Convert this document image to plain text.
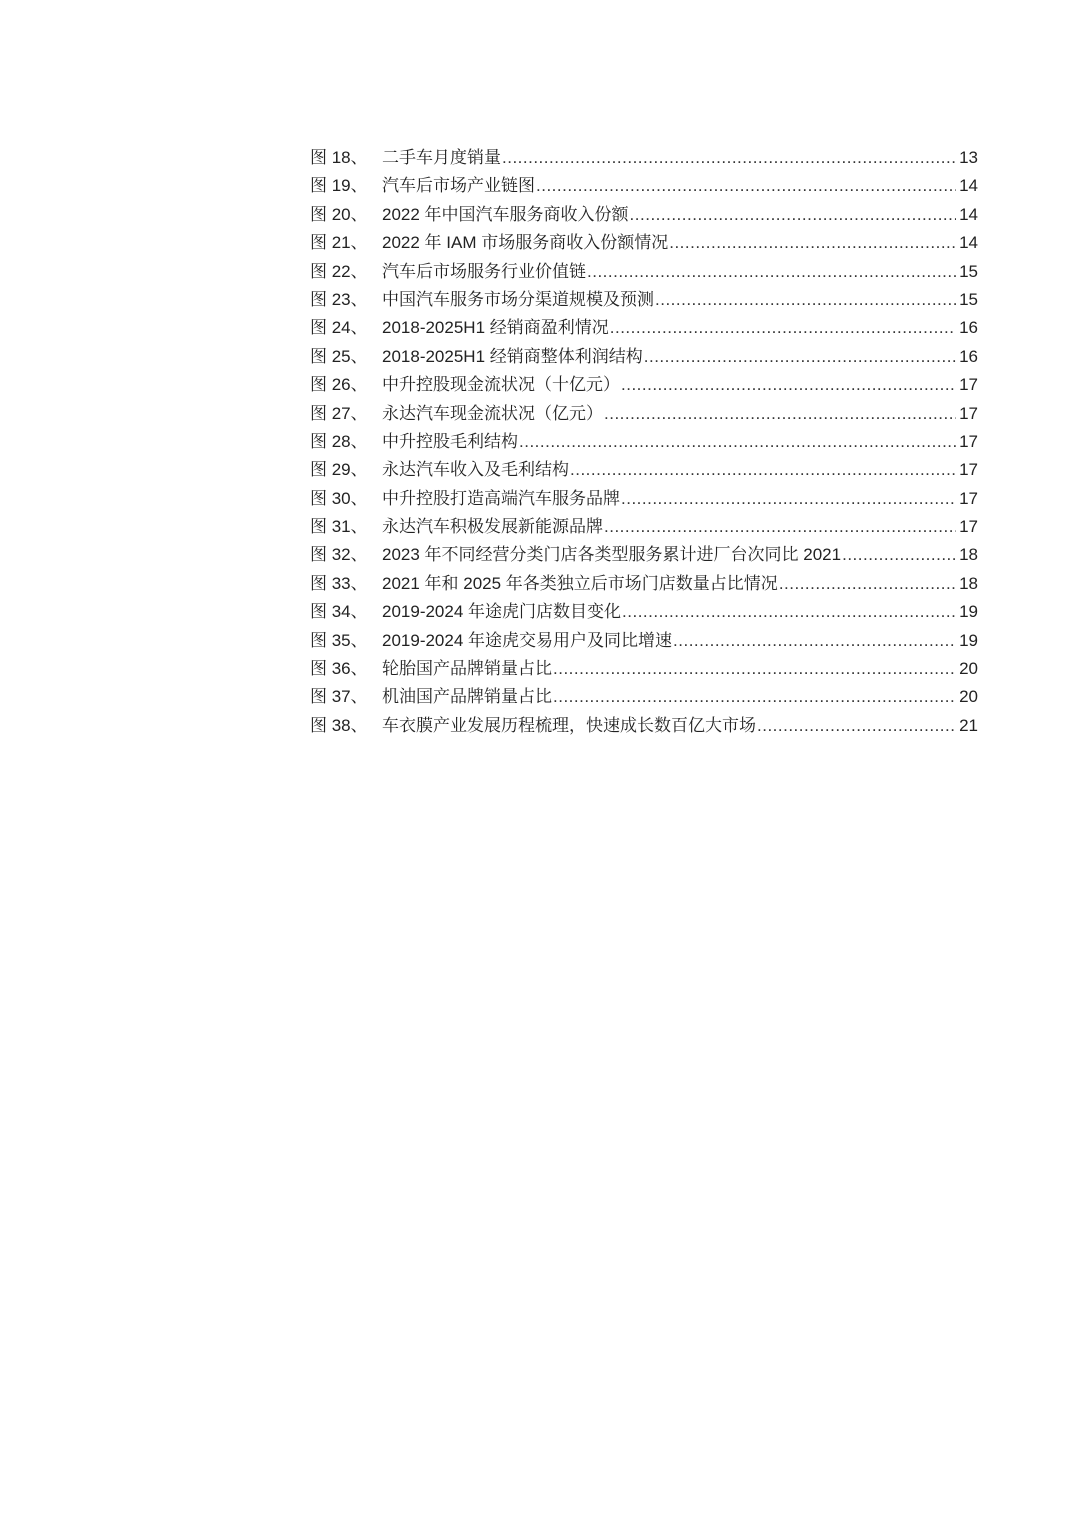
图 18、 二手车月度销量 .....	13
图 19、 汽车后市场产业链图 .....	14
图 20、 2022 年中国汽车服务商收入份额 .....	14
图 21、 2022 年 IAM 市场服务商收入份额情况 .....	14
图 22、 汽车后市场服务行业价值链 .....	15
图 23、 中国汽车服务市场分渠道规模及预测 .....	15
图 24、 2018-2025H1 经销商盈利情况 .....	16
图 25、 2018-2025H1 经销商整体利润结构 .....	16
图 26、 中升控股现金流状况（十亿元） .....	17
图 27、 永达汽车现金流状况（亿元） .....	17
图 28、 中升控股毛利结构 .....	17
图 29、 永达汽车收入及毛利结构 .....	17
图 30、 中升控股打造高端汽车服务品牌 .....	17
图 31、 永达汽车积极发展新能源品牌 .....	17
图 32、 2023 年不同经营分类门店各类型服务累计进厂台次同比 2021 .....	18
图 33、 2021 年和 2025 年各类独立后市场门店数量占比情况 .....	18
图 34、 2019-2024 年途虎门店数目变化 .....	19
图 35、 2019-2024 年途虎交易用户及同比增速 .....	19
图 36、 轮胎国产品牌销量占比 .....	20
图 37、 机油国产品牌销量占比 .....	20
图 38、 车衣膜产业发展历程梳理，快速成长数百亿大市场 .....	21
